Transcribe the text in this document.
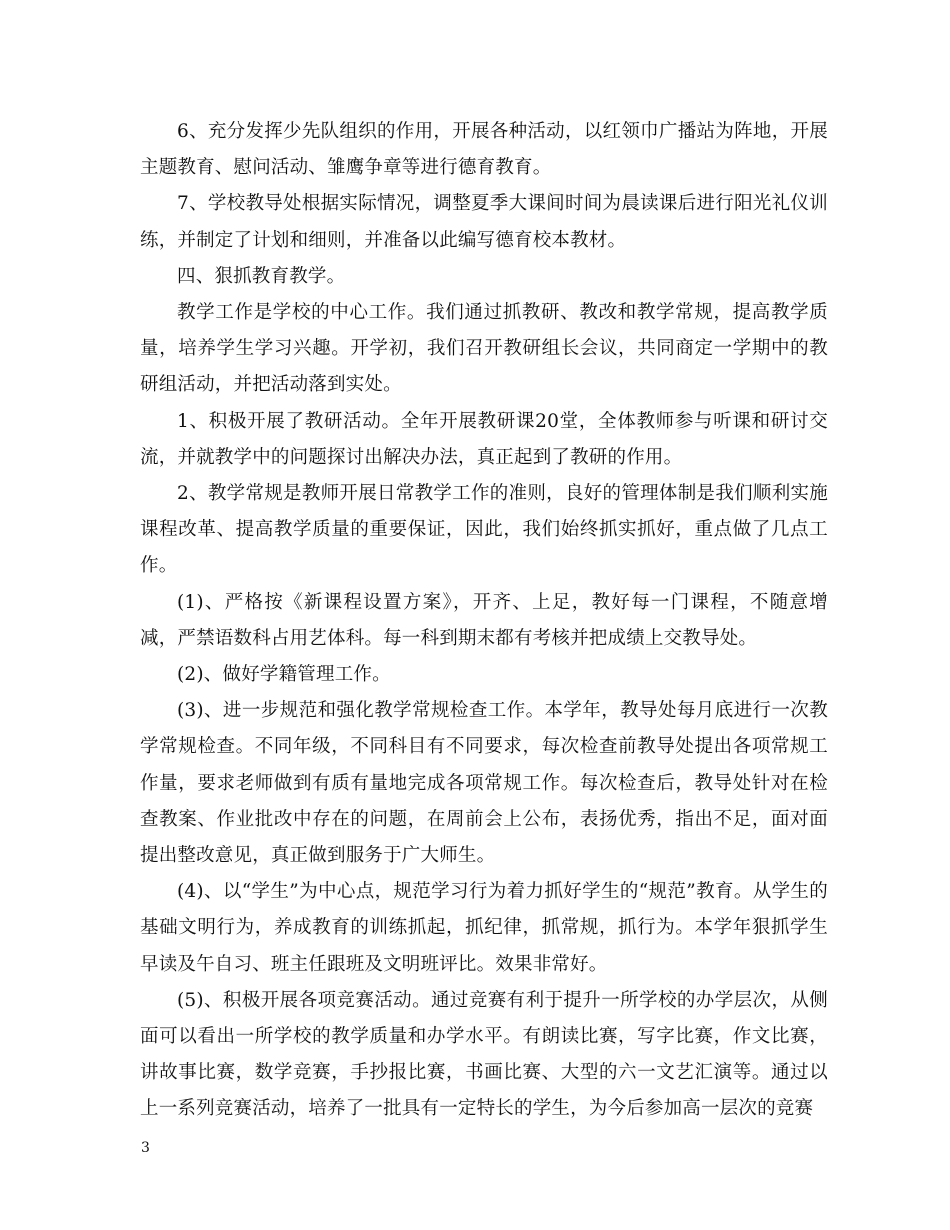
6、充分发挥少先队组织的作用，开展各种活动，以红领巾广播站为阵地，开展主题教育、慰问活动、雏鹰争章等进行德育教育。

7、学校教导处根据实际情况，调整夏季大课间时间为晨读课后进行阳光礼仪训练，并制定了计划和细则，并准备以此编写德育校本教材。

四、狠抓教育教学。

教学工作是学校的中心工作。我们通过抓教研、教改和教学常规，提高教学质量，培养学生学习兴趣。开学初，我们召开教研组长会议，共同商定一学期中的教研组活动，并把活动落到实处。

1、积极开展了教研活动。全年开展教研课20堂，全体教师参与听课和研讨交流，并就教学中的问题探讨出解决办法，真正起到了教研的作用。

2、教学常规是教师开展日常教学工作的准则，良好的管理体制是我们顺利实施课程改革、提高教学质量的重要保证，因此，我们始终抓实抓好，重点做了几点工作。

(1)、严格按《新课程设置方案》，开齐、上足，教好每一门课程，不随意增减，严禁语数科占用艺体科。每一科到期末都有考核并把成绩上交教导处。

(2)、做好学籍管理工作。

(3)、进一步规范和强化教学常规检查工作。本学年，教导处每月底进行一次教学常规检查。不同年级，不同科目有不同要求，每次检查前教导处提出各项常规工作量，要求老师做到有质有量地完成各项常规工作。每次检查后，教导处针对在检查教案、作业批改中存在的问题，在周前会上公布，表扬优秀，指出不足，面对面提出整改意见，真正做到服务于广大师生。

(4)、以“学生”为中心点，规范学习行为着力抓好学生的“规范”教育。从学生的基础文明行为，养成教育的训练抓起，抓纪律，抓常规，抓行为。本学年狠抓学生早读及午自习、班主任跟班及文明班评比。效果非常好。

(5)、积极开展各项竞赛活动。通过竞赛有利于提升一所学校的办学层次，从侧面可以看出一所学校的教学质量和办学水平。有朗读比赛，写字比赛，作文比赛，讲故事比赛，数学竞赛，手抄报比赛，书画比赛、大型的六一文艺汇演等。通过以上一系列竞赛活动，培养了一批具有一定特长的学生，为今后参加高一层次的竞赛

3
